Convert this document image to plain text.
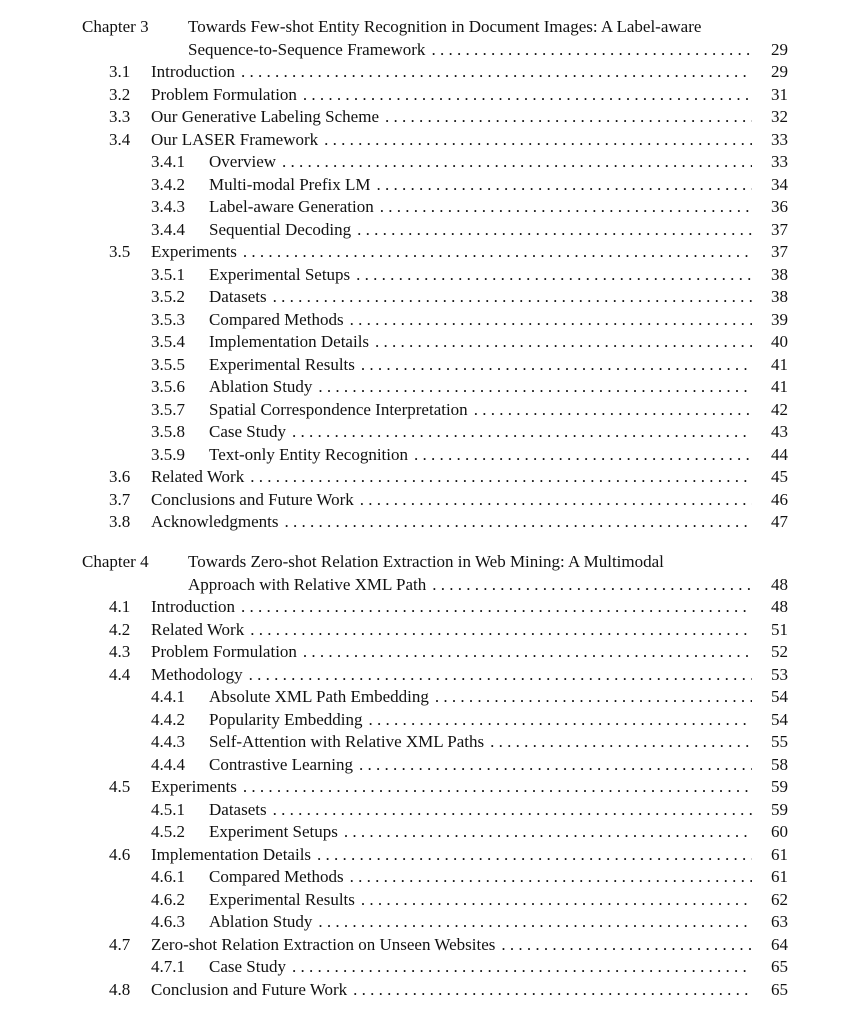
Chapter 3 Towards Few-shot Entity Recognition in Document Images: A Label-aware
Sequence-to-Sequence Framework . . .	29
3.1 Introduction . . .	29
3.2 Problem Formulation . . .	31
3.3 Our Generative Labeling Scheme . . .	32
3.4 Our LASER Framework . . .	33
3.4.1 Overview . . .	33
3.4.2 Multi-modal Prefix LM . . .	34
3.4.3 Label-aware Generation . . .	36
3.4.4 Sequential Decoding . . .	37
3.5 Experiments . . .	37
3.5.1 Experimental Setups . . .	38
3.5.2 Datasets . . .	38
3.5.3 Compared Methods . . .	39
3.5.4 Implementation Details . . .	40
3.5.5 Experimental Results . . .	41
3.5.6 Ablation Study . . .	41
3.5.7 Spatial Correspondence Interpretation . . .	42
3.5.8 Case Study . . .	43
3.5.9 Text-only Entity Recognition . . .	44
3.6 Related Work . . .	45
3.7 Conclusions and Future Work . . .	46
3.8 Acknowledgments . . .	47
Chapter 4 Towards Zero-shot Relation Extraction in Web Mining: A Multimodal
Approach with Relative XML Path . . .	48
4.1 Introduction . . .	48
4.2 Related Work . . .	51
4.3 Problem Formulation . . .	52
4.4 Methodology . . .	53
4.4.1 Absolute XML Path Embedding . . .	54
4.4.2 Popularity Embedding . . .	54
4.4.3 Self-Attention with Relative XML Paths . . .	55
4.4.4 Contrastive Learning . . .	58
4.5 Experiments . . .	59
4.5.1 Datasets . . .	59
4.5.2 Experiment Setups . . .	60
4.6 Implementation Details . . .	61
4.6.1 Compared Methods . . .	61
4.6.2 Experimental Results . . .	62
4.6.3 Ablation Study . . .	63
4.7 Zero-shot Relation Extraction on Unseen Websites . . .	64
4.7.1 Case Study . . .	65
4.8 Conclusion and Future Work . . .	65
